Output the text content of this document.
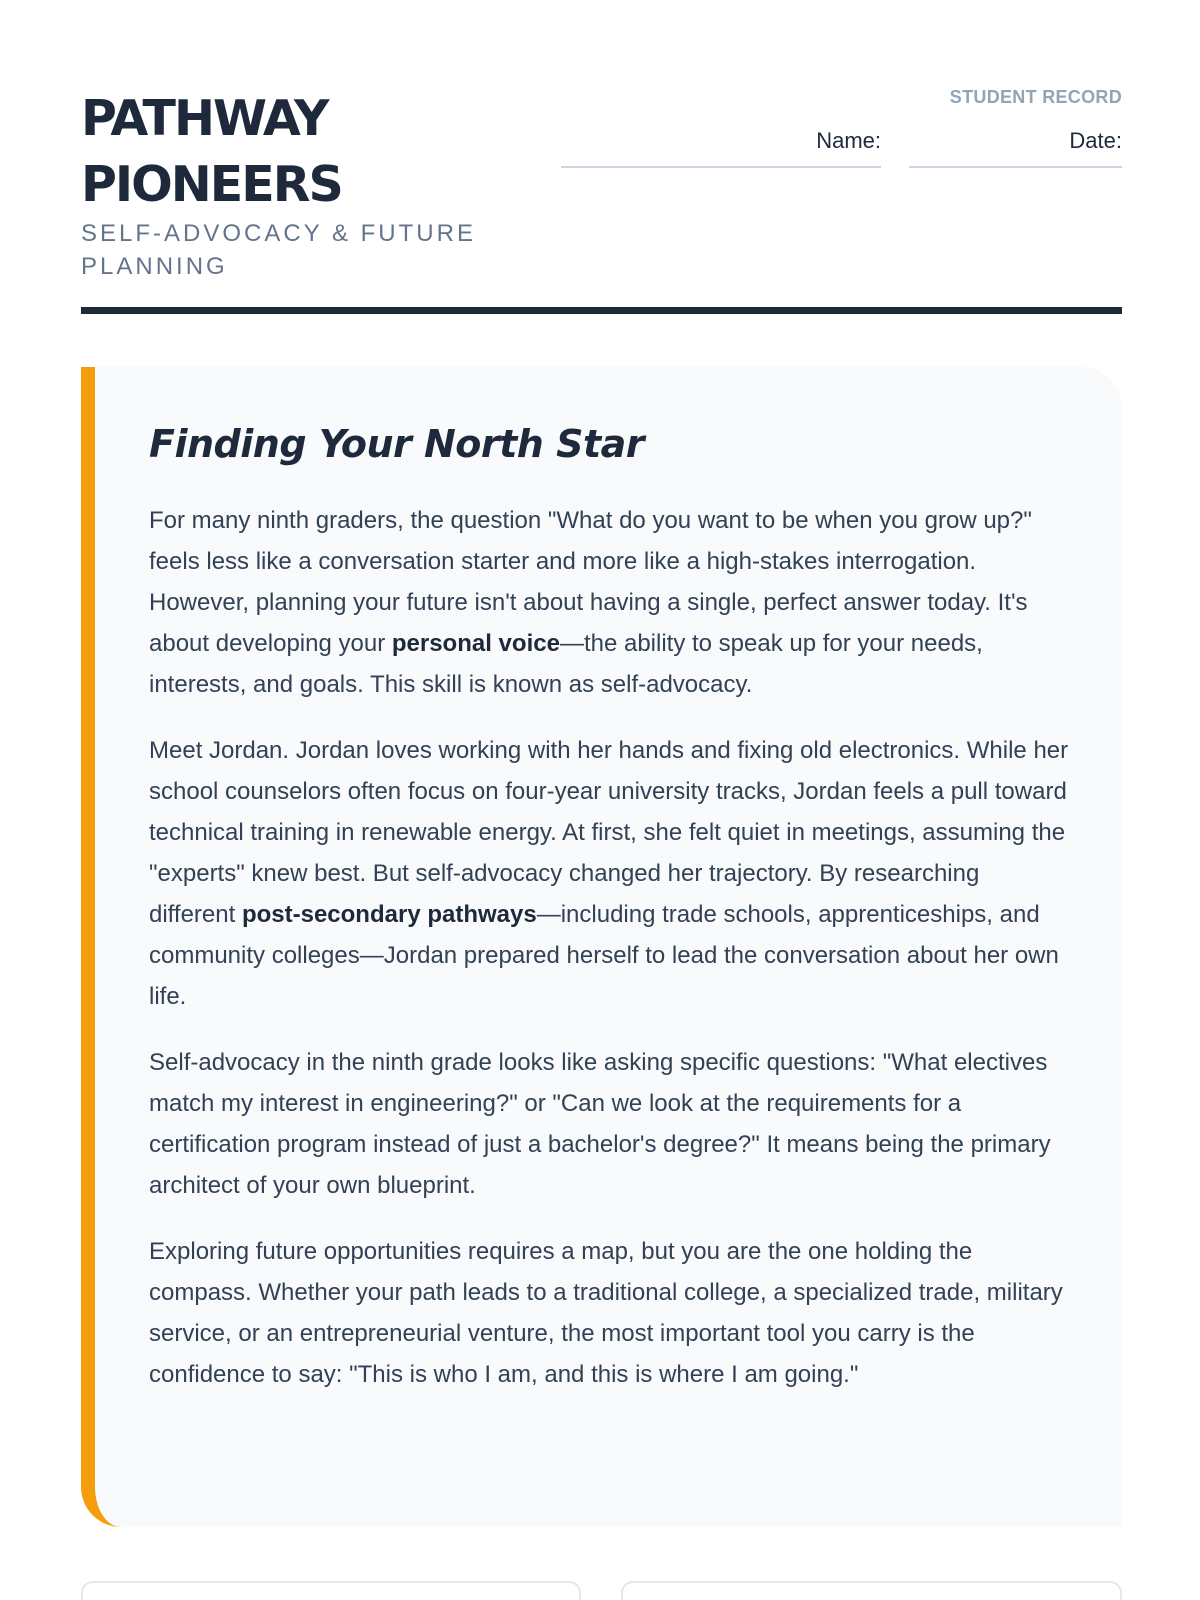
PATHWAY
PIONEERS
SELF-ADVOCACY & FUTURE PLANNING
STUDENT RECORD
Name:	Date:
Finding Your North Star

For many ninth graders, the question "What do you want to be when you grow up?" feels less like a conversation starter and more like a high-stakes interrogation. However, planning your future isn't about having a single, perfect answer today. It's about developing your personal voice—the ability to speak up for your needs, interests, and goals. This skill is known as self-advocacy.

Meet Jordan. Jordan loves working with her hands and fixing old electronics. While her school counselors often focus on four-year university tracks, Jordan feels a pull toward technical training in renewable energy. At first, she felt quiet in meetings, assuming the "experts" knew best. But self-advocacy changed her trajectory. By researching different post-secondary pathways—including trade schools, apprenticeships, and community colleges—Jordan prepared herself to lead the conversation about her own life.

Self-advocacy in the ninth grade looks like asking specific questions: "What electives match my interest in engineering?" or "Can we look at the requirements for a certification program instead of just a bachelor's degree?" It means being the primary architect of your own blueprint.

Exploring future opportunities requires a map, but you are the one holding the compass. Whether your path leads to a traditional college, a specialized trade, military service, or an entrepreneurial venture, the most important tool you carry is the confidence to say: "This is who I am, and this is where I am going."
